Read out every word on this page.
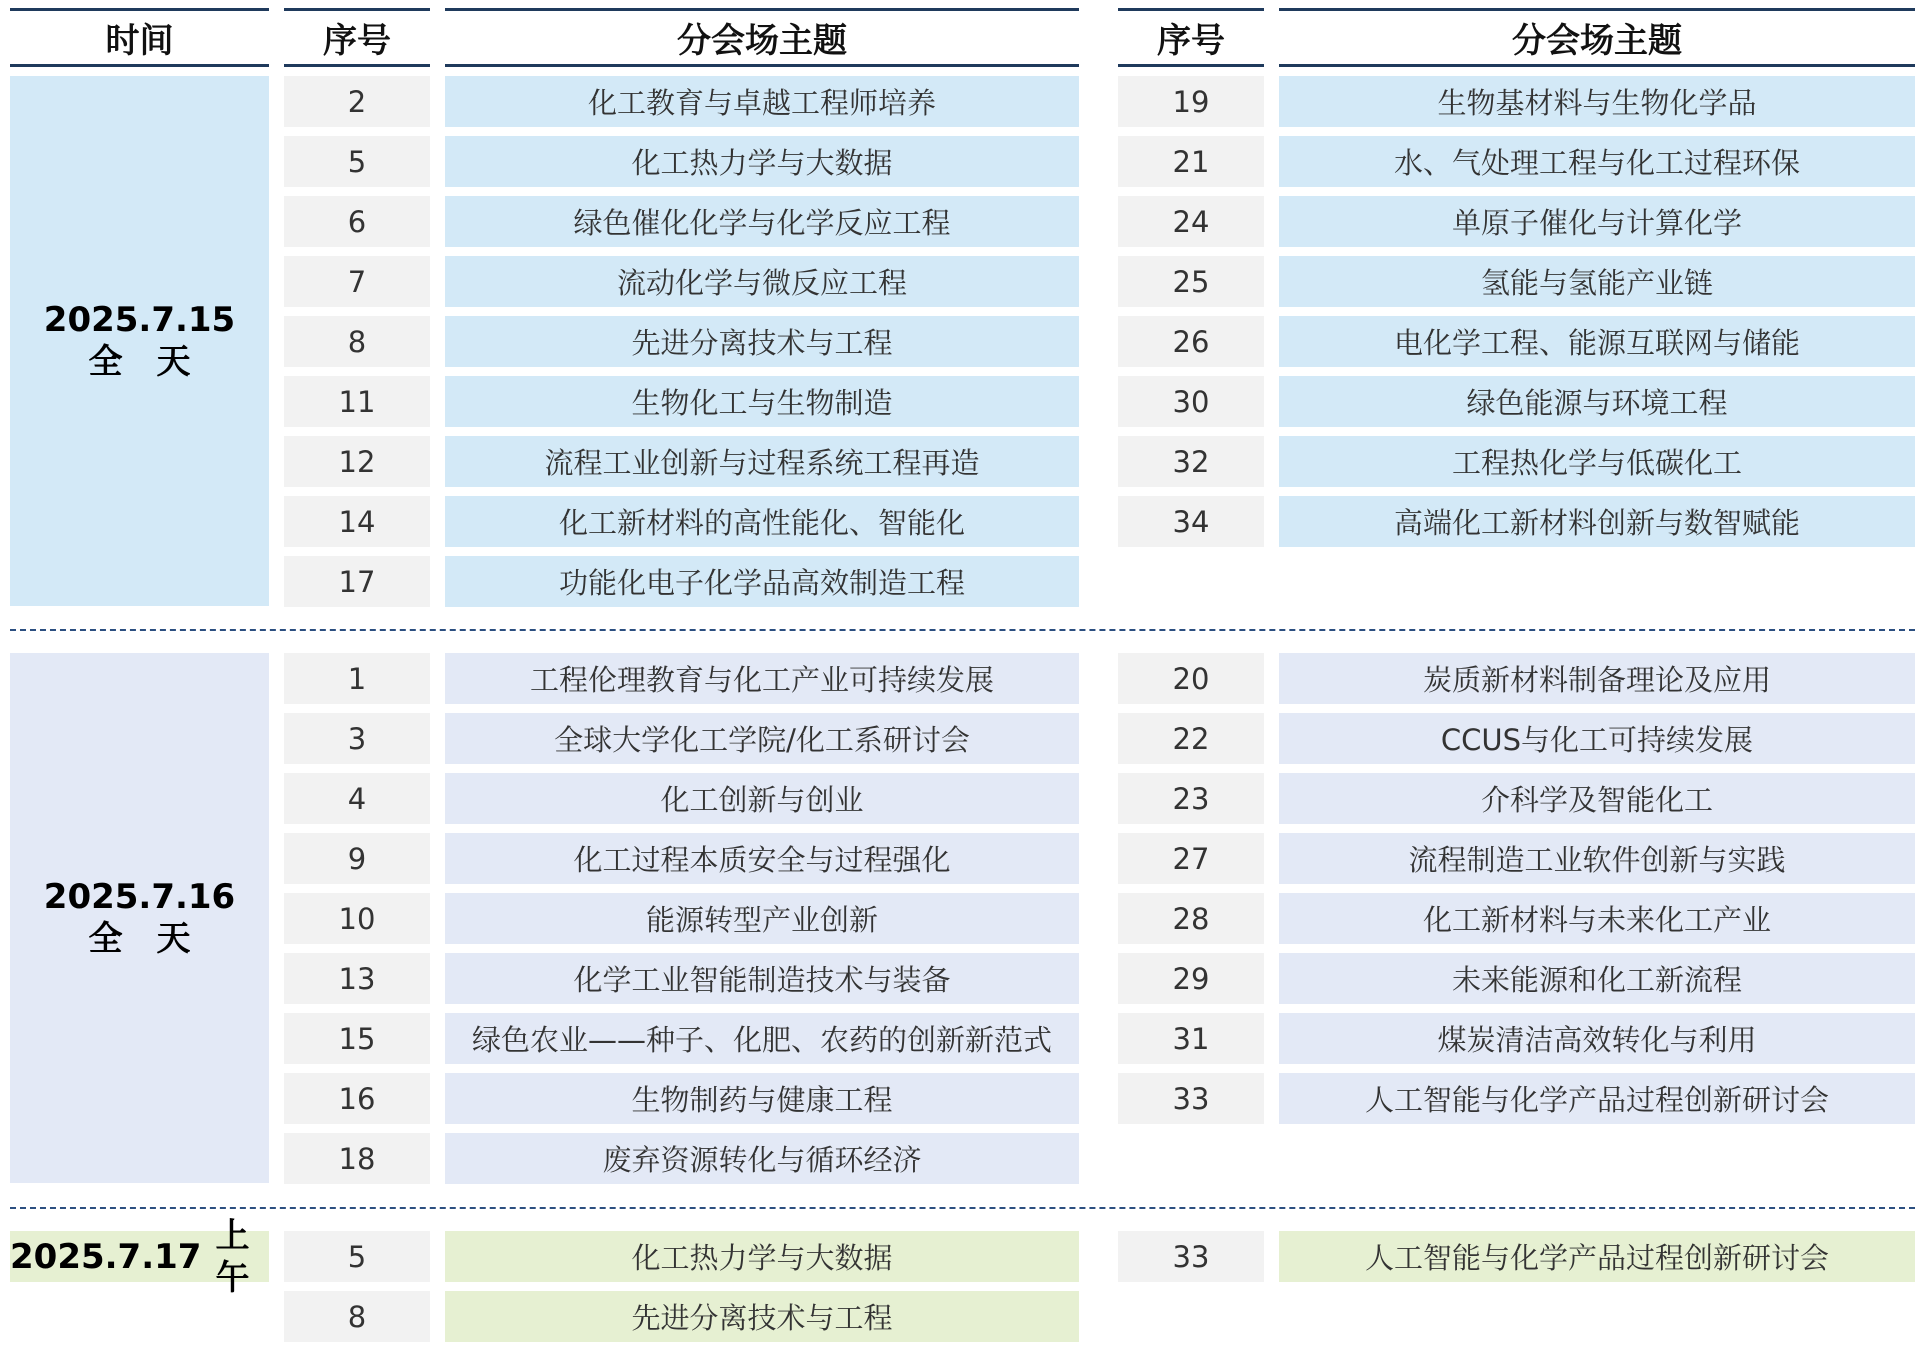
时间	序号	分会场主题	序号	分会场主题
2025.7.15
全　天
2	化工教育与卓越工程师培养
5	化工热力学与大数据
6	绿色催化化学与化学反应工程
7	流动化学与微反应工程
8	先进分离技术与工程
11	生物化工与生物制造
12	流程工业创新与过程系统工程再造
14	化工新材料的高性能化、智能化
17	功能化电子化学品高效制造工程
19	生物基材料与生物化学品
21	水、气处理工程与化工过程环保
24	单原子催化与计算化学
25	氢能与氢能产业链
26	电化学工程、能源互联网与储能
30	绿色能源与环境工程
32	工程热化学与低碳化工
34	高端化工新材料创新与数智赋能
2025.7.16
全　天
1	工程伦理教育与化工产业可持续发展
3	全球大学化工学院/化工系研讨会
4	化工创新与创业
9	化工过程本质安全与过程强化
10	能源转型产业创新
13	化学工业智能制造技术与装备
15	绿色农业——种子、化肥、农药的创新新范式
16	生物制药与健康工程
18	废弃资源转化与循环经济
20	炭质新材料制备理论及应用
22	CCUS与化工可持续发展
23	介科学及智能化工
27	流程制造工业软件创新与实践
28	化工新材料与未来化工产业
29	未来能源和化工新流程
31	煤炭清洁高效转化与利用
33	人工智能与化学产品过程创新研讨会
2025.7.17
上午
5	化工热力学与大数据
8	先进分离技术与工程
33	人工智能与化学产品过程创新研讨会
